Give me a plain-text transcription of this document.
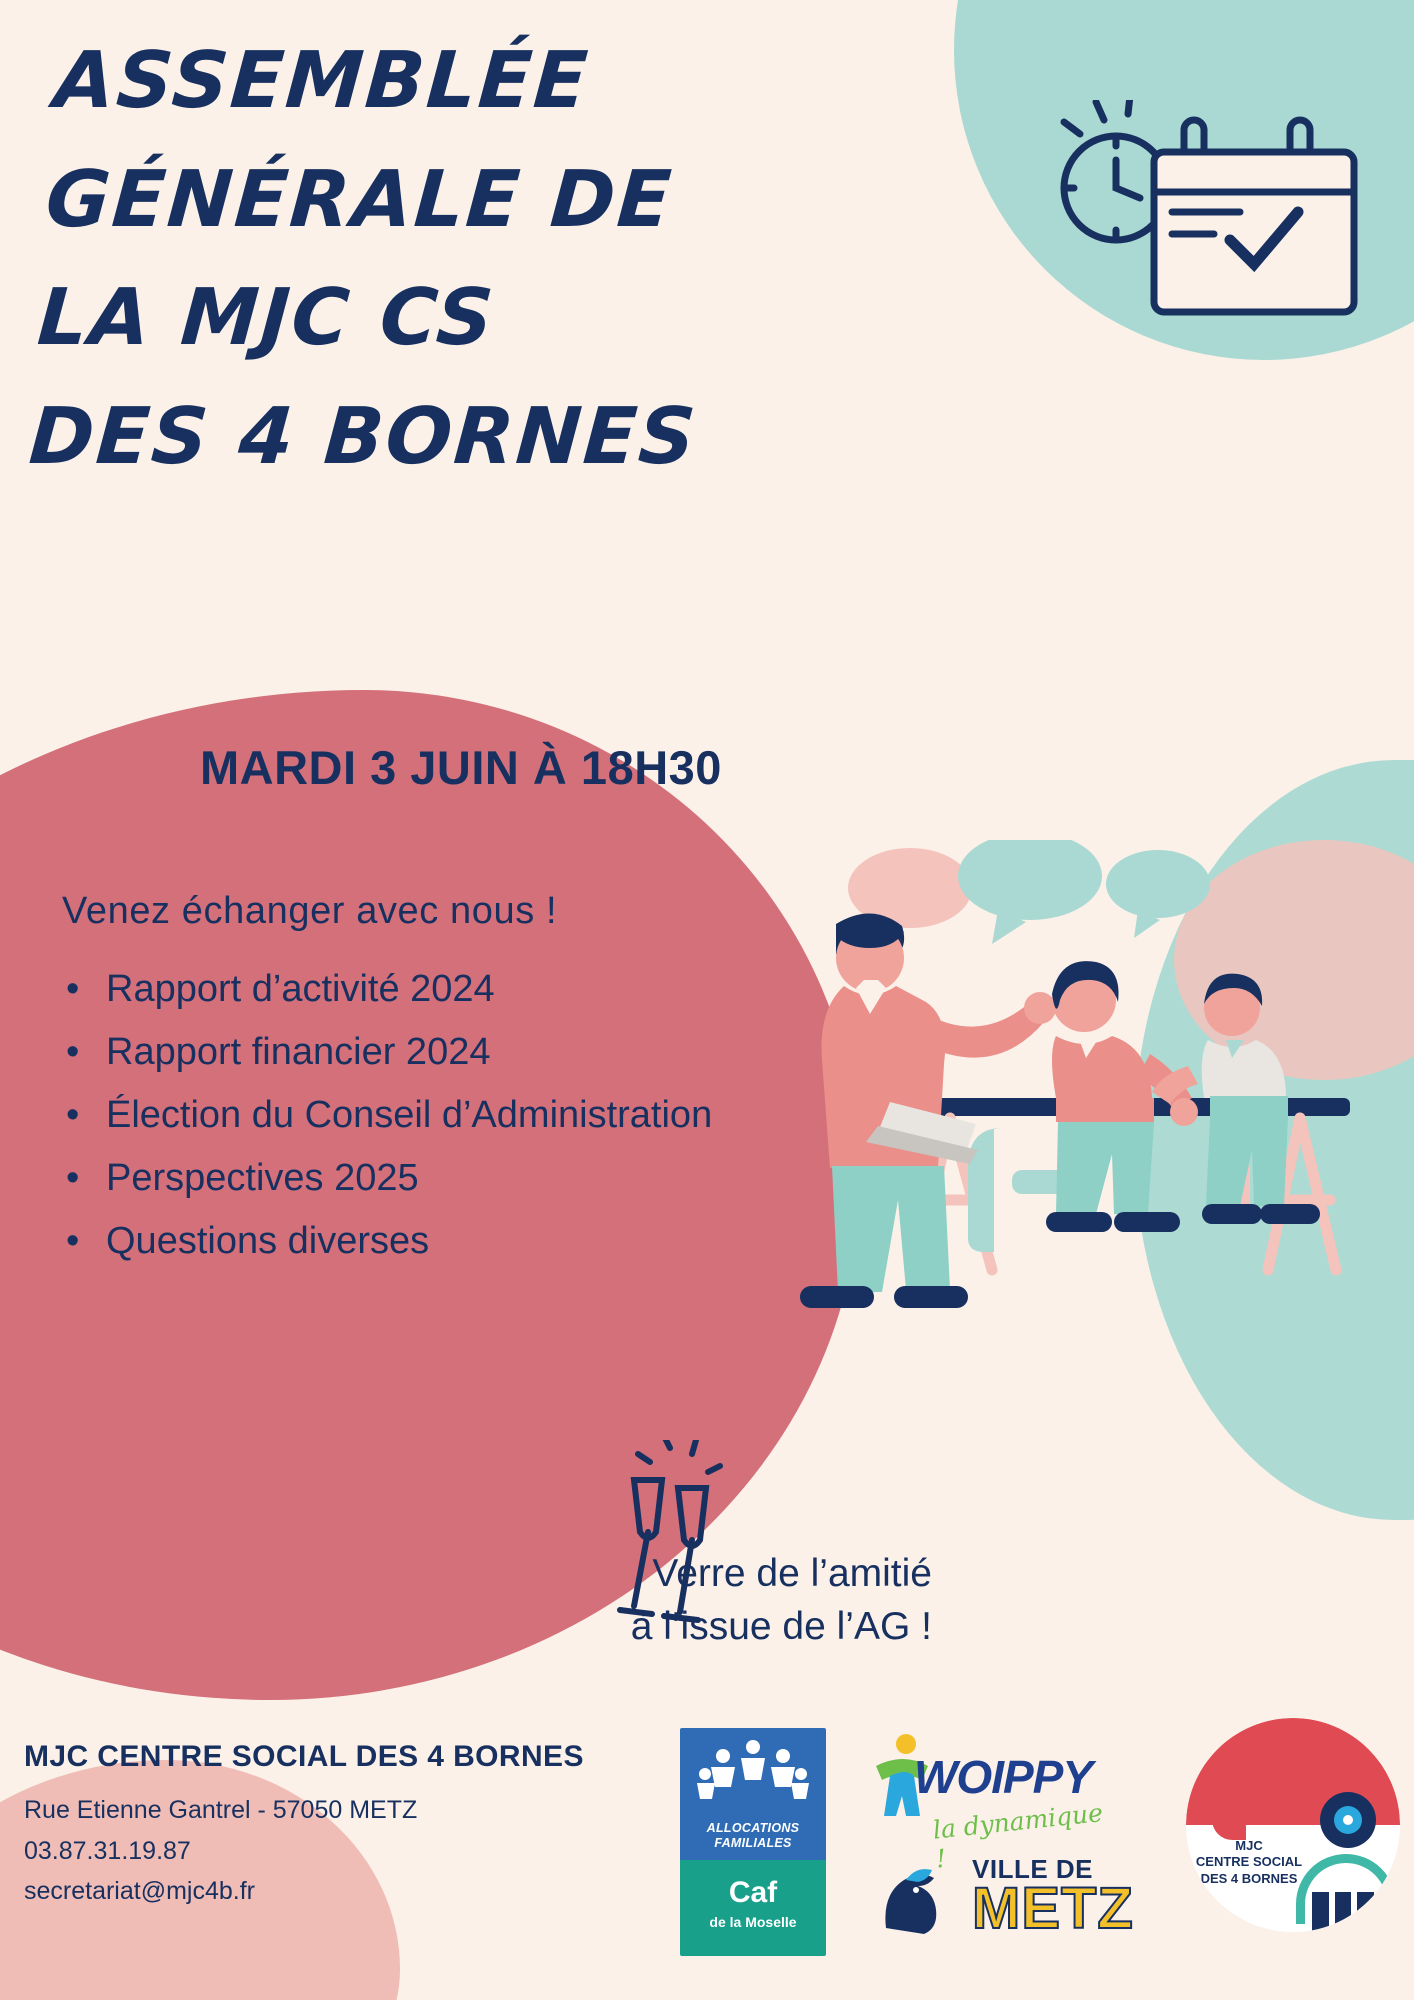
ASSEMBLÉE
GÉNÉRALE DE
LA MJC CS
DES 4 BORNES
MARDI 3 JUIN À 18H30
Venez échanger avec nous !
• Rapport d’activité 2024
• Rapport financier 2024
• Élection du Conseil d’Administration
• Perspectives 2025
• Questions diverses
Verre de l’amitié
à l’issue de l’AG !
MJC CENTRE SOCIAL DES 4 BORNES
Rue Etienne Gantrel - 57050 METZ
03.87.31.19.87
secretariat@mjc4b.fr
ALLOCATIONS
FAMILIALES
Caf
de la Moselle
WOIPPY
la dynamique ! VILLE DE
METZ
MJC
CENTRE SOCIAL
DES 4 BORNES
